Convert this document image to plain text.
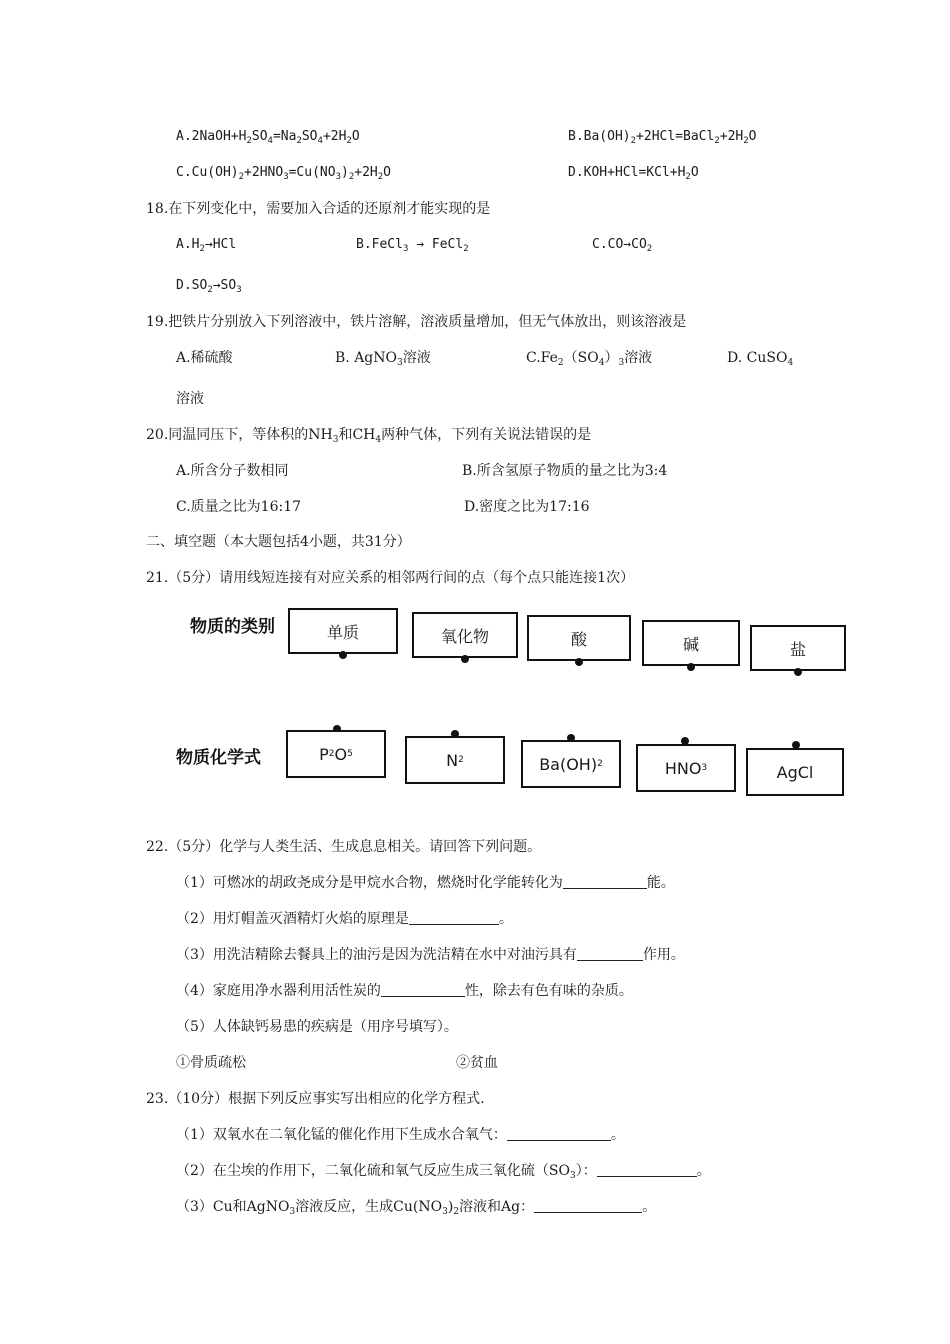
$A.2NaOH+H_2SO_4=Na_2SO_4+2H_2O$	$B.Ba(OH)_2+2HCl=BaCl_2+2H_2O$
$C.Cu(OH)_2+2HNO_3=Cu(NO_3)_2+2H_2O$	$D.KOH+HCl=KCl+H_2O$
18.在下列变化中，需要加入合适的还原剂才能实现的是
$A.H_2\to HCl$	B.FeCl$_3$ → FeCl$_2$	$C.CO\to CO_2$
$D.SO_2\to SO_3$
19.把铁片分别放入下列溶液中，铁片溶解，溶液质量增加，但无气体放出，则该溶液是
A.稀硫酸	B. AgNO$_3$溶液	$C.Fe_2(SO_4)_3$溶液	D. CuSO$_4$
溶液
20.同温同压下，等体积的$NH_3$和$CH_4$两种气体，下列有关说法错误的是
A.所含分子数相同	B.所含氢原子物质的量之比为3:4
C.质量之比为16:17	D.密度之比为17:16
二、填空题（本大题包括4小题，共31分）
21.（5分）请用线短连接有对应关系的相邻两行间的点（每个点只能连接1次）
物质的类别	单质	氧化物	酸	碱	盐
物质化学式	P 2 O 5	N 2	Ba(OH) 2	HNO 3	AgCl
22.（5分）化学与人类生活、生成息息相关。请回答下列问题。
（1）可燃冰的胡政尧成分是甲烷水合物，燃烧时化学能转化为	能。
（2）用灯帽盖灭酒精灯火焰的原理是	。
（3）用洗洁精除去餐具上的油污是因为洗洁精在水中对油污具有	作用。
（4）家庭用净水器利用活性炭的	性，除去有色有味的杂质。
（5）人体缺钙易患的疾病是（用序号填写）。
①骨质疏松	②贫血
23.（10分）根据下列反应事实写出相应的化学方程式.
（1）双氧水在二氧化锰的催化作用下生成水合氧气：	。
（2）在尘埃的作用下，二氧化硫和氧气反应生成三氧化硫$(SO_3)$：	。
（3）Cu和AgNO$_3$溶液反应，生成$Cu(NO_3)_2$溶液和Ag：	。
